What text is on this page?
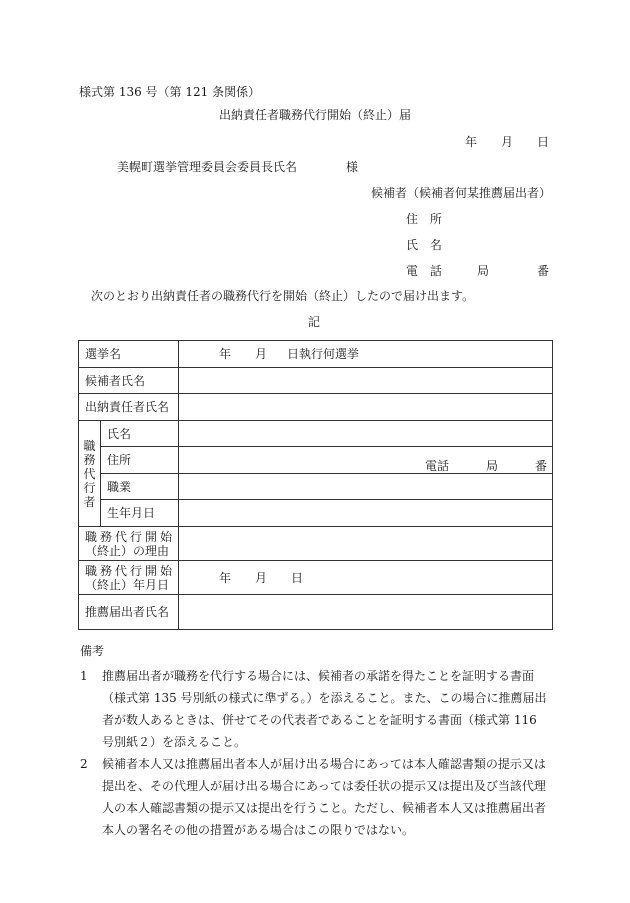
様式第 136 号（第 121 条関係）
出納責任者職務代行開始（終止）届
年 月 日
美幌町選挙管理委員会委員長氏名	様
候補者（候補者何某推薦届出者）
住 所
氏 名
電 話	局	番
次のとおり出納責任者の職務代行を開始（終止）したので届け出ます。
記
選挙名		年 月 日執行何選挙
候補者氏名		
出納責任者氏名		

職
務
代
行
者	氏名	
	住所	電話 局 番

	職業	
	生年月日	

職務代行開始
（終止）の理由		

職務代行開始
（終止）年月日		年 月 日
推薦届出者氏名		
備考

1 推薦届出者が職務を代行する場合には、候補者の承諾を得たことを証明する書面（様式第 135 号別紙の様式に準ずる。）を添えること。また、この場合に推薦届出者が数人あるときは、併せてその代表者であることを証明する書面（様式第 116 号別紙２）を添えること。

2 候補者本人又は推薦届出者本人が届け出る場合にあっては本人確認書類の提示又は提出を、その代理人が届け出る場合にあっては委任状の提示又は提出及び当該代理人の本人確認書類の提示又は提出を行うこと。ただし、候補者本人又は推薦届出者本人の署名その他の措置がある場合はこの限りではない。
